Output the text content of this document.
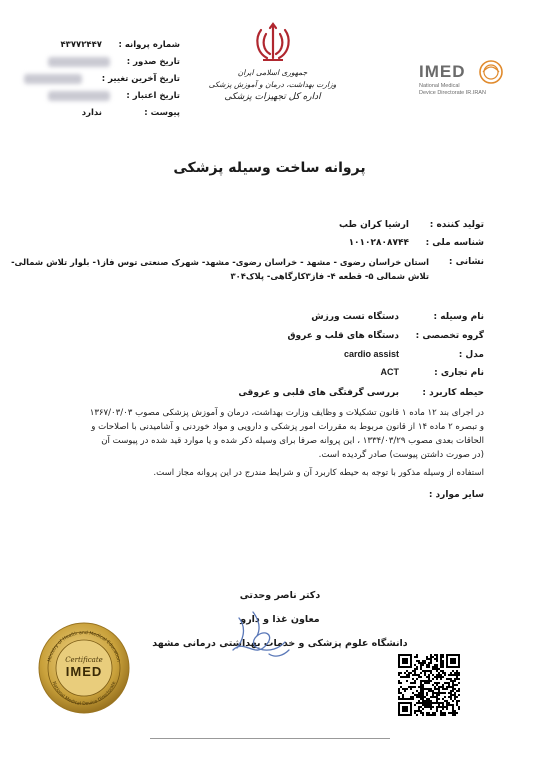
شماره پروانه :
۴۳۷۷۲۴۴۷
تاریخ صدور :
تاریخ آخرین تغییر :
تاریخ اعتبار :
پیوست :
ندارد
جمهوری اسلامی ایران
وزارت بهداشت، درمان و آموزش پزشکی
اداره کل تجهیزات پزشکی
IMED
National Medical
Device Directorate IR.IRAN
پروانه ساخت وسیله پزشکی
تولید کننده :
ارشیا کران طب
شناسه ملی :
۱۰۱۰۲۸۰۸۷۴۴
نشانی :
استان خراسان رضوی - مشهد - خراسان رضوی- مشهد- شهرک صنعتی توس فاز۱- بلوار تلاش شمالی-
تلاش شمالی ۵- قطعه ۴- فاز۳کارگاهی- پلاک۳۰۴
نام وسیله :
دستگاه تست ورزش
گروه تخصصی :
دستگاه های قلب و عروق
مدل :
cardio assist
نام تجاری :
ACT
حیطه کاربرد :
بررسی گرفتگی های قلبی و عروقی
در اجرای بند ۱۲ ماده ۱ قانون تشکیلات و وظایف وزارت بهداشت، درمان و آموزش پزشکی مصوب ۱۳۶۷/۰۳/۰۳
و تبصره ۲ ماده ۱۴ از قانون مربوط به مقررات امور پزشکی و دارویی و مواد خوردنی و آشامیدنی با اصلاحات و
الحاقات بعدی مصوب ۱۳۳۴/۰۳/۲۹ ، این پروانه صرفا برای وسیله ذکر شده و یا موارد قید شده در پیوست آن
(در صورت داشتن پیوست) صادر گردیده است.
استفاده از وسیله مذکور با توجه به حیطه کاربرد آن و شرایط مندرج در این پروانه مجاز است.
سایر موارد :
دکتر ناصر وحدتی
معاون غذا و دارو
دانشگاه علوم پزشکی و خدمات بهداشتی درمانی مشهد
Ministry of Health and Medical Education
National Medical Device Directorate
Certificate
IMED
